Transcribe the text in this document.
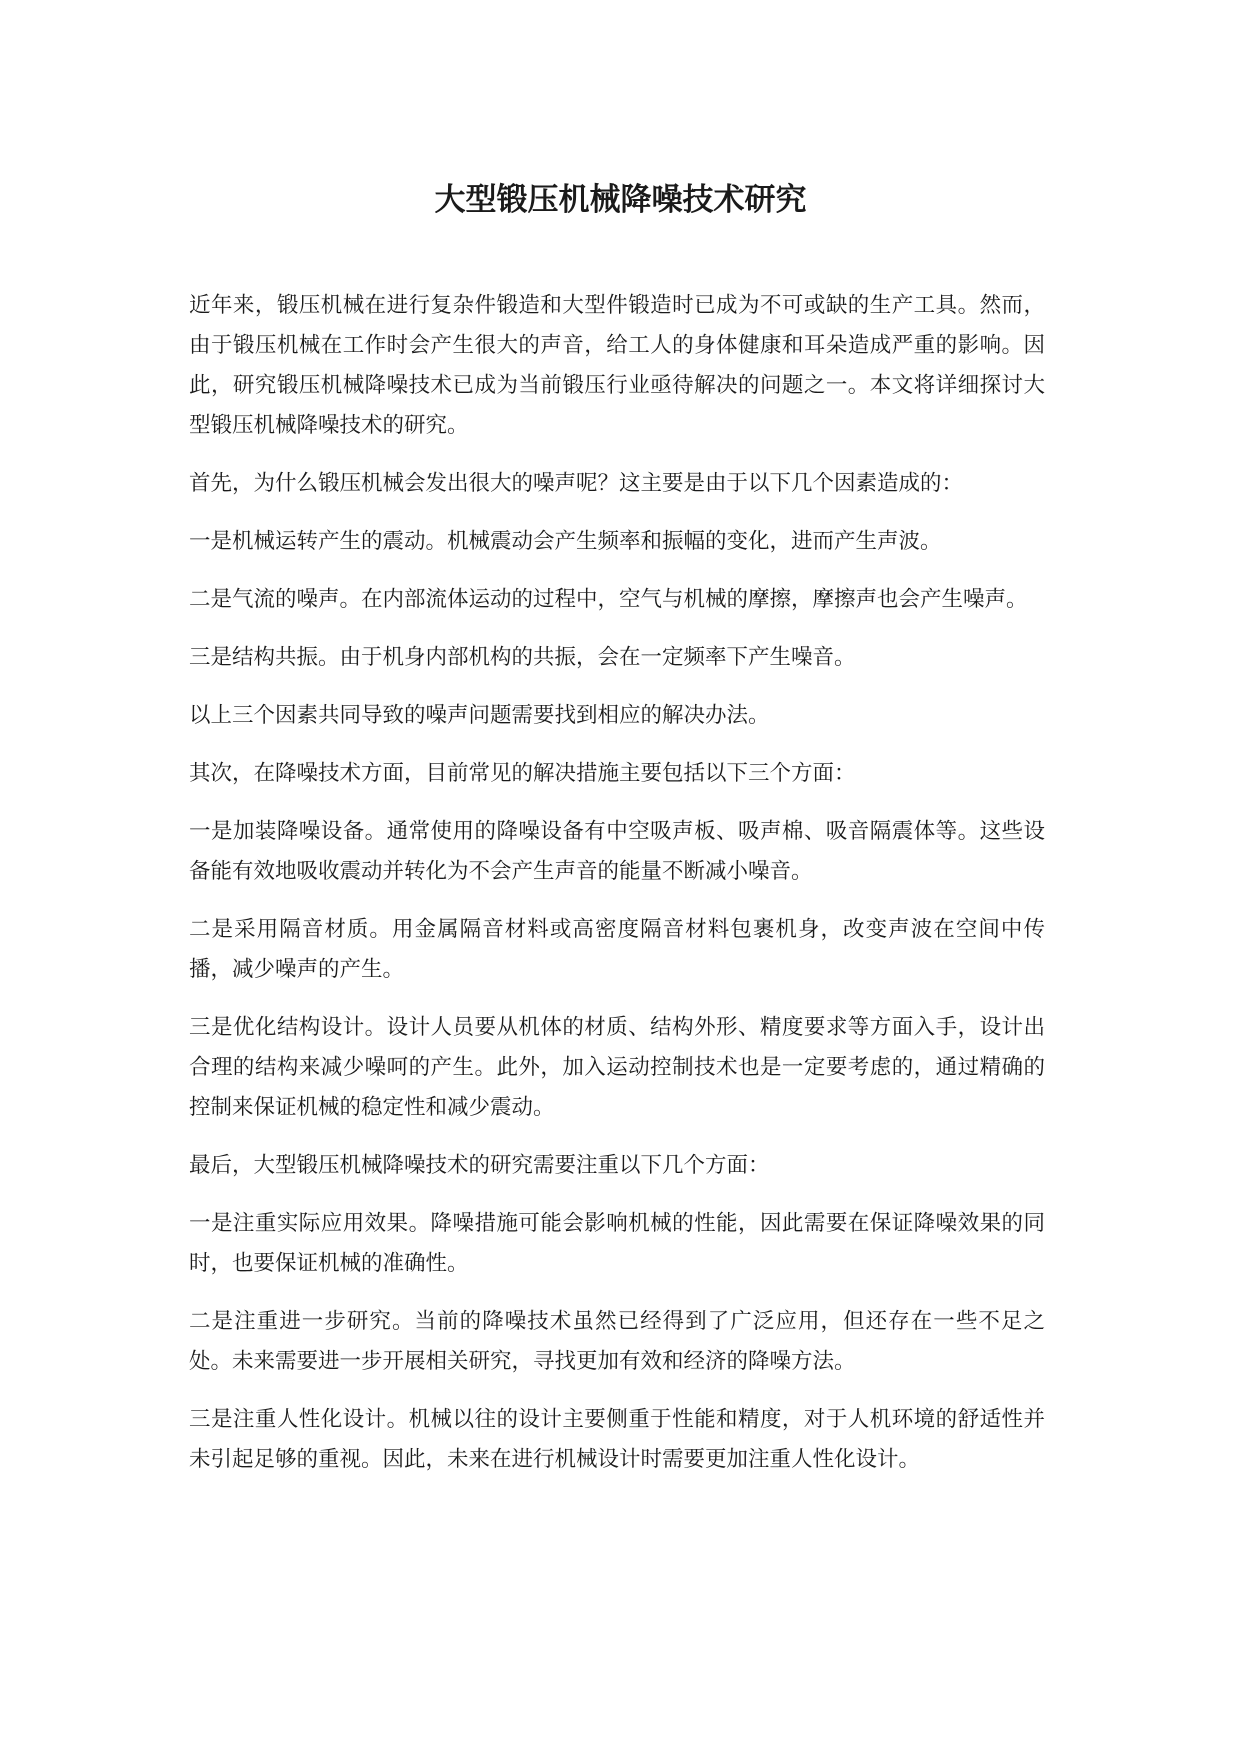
大型锻压机械降噪技术研究

近年来，锻压机械在进行复杂件锻造和大型件锻造时已成为不可或缺的生产工具。然而，由于锻压机械在工作时会产生很大的声音，给工人的身体健康和耳朵造成严重的影响。因此，研究锻压机械降噪技术已成为当前锻压行业亟待解决的问题之一。本文将详细探讨大型锻压机械降噪技术的研究。

首先，为什么锻压机械会发出很大的噪声呢？这主要是由于以下几个因素造成的：

一是机械运转产生的震动。机械震动会产生频率和振幅的变化，进而产生声波。

二是气流的噪声。在内部流体运动的过程中，空气与机械的摩擦，摩擦声也会产生噪声。

三是结构共振。由于机身内部机构的共振，会在一定频率下产生噪音。

以上三个因素共同导致的噪声问题需要找到相应的解决办法。

其次，在降噪技术方面，目前常见的解决措施主要包括以下三个方面：

一是加装降噪设备。通常使用的降噪设备有中空吸声板、吸声棉、吸音隔震体等。这些设备能有效地吸收震动并转化为不会产生声音的能量不断减小噪音。

二是采用隔音材质。用金属隔音材料或高密度隔音材料包裹机身，改变声波在空间中传播，减少噪声的产生。

三是优化结构设计。设计人员要从机体的材质、结构外形、精度要求等方面入手，设计出合理的结构来减少噪呵的产生。此外，加入运动控制技术也是一定要考虑的，通过精确的控制来保证机械的稳定性和减少震动。

最后，大型锻压机械降噪技术的研究需要注重以下几个方面：

一是注重实际应用效果。降噪措施可能会影响机械的性能，因此需要在保证降噪效果的同时，也要保证机械的准确性。

二是注重进一步研究。当前的降噪技术虽然已经得到了广泛应用，但还存在一些不足之处。未来需要进一步开展相关研究，寻找更加有效和经济的降噪方法。

三是注重人性化设计。机械以往的设计主要侧重于性能和精度，对于人机环境的舒适性并未引起足够的重视。因此，未来在进行机械设计时需要更加注重人性化设计。
